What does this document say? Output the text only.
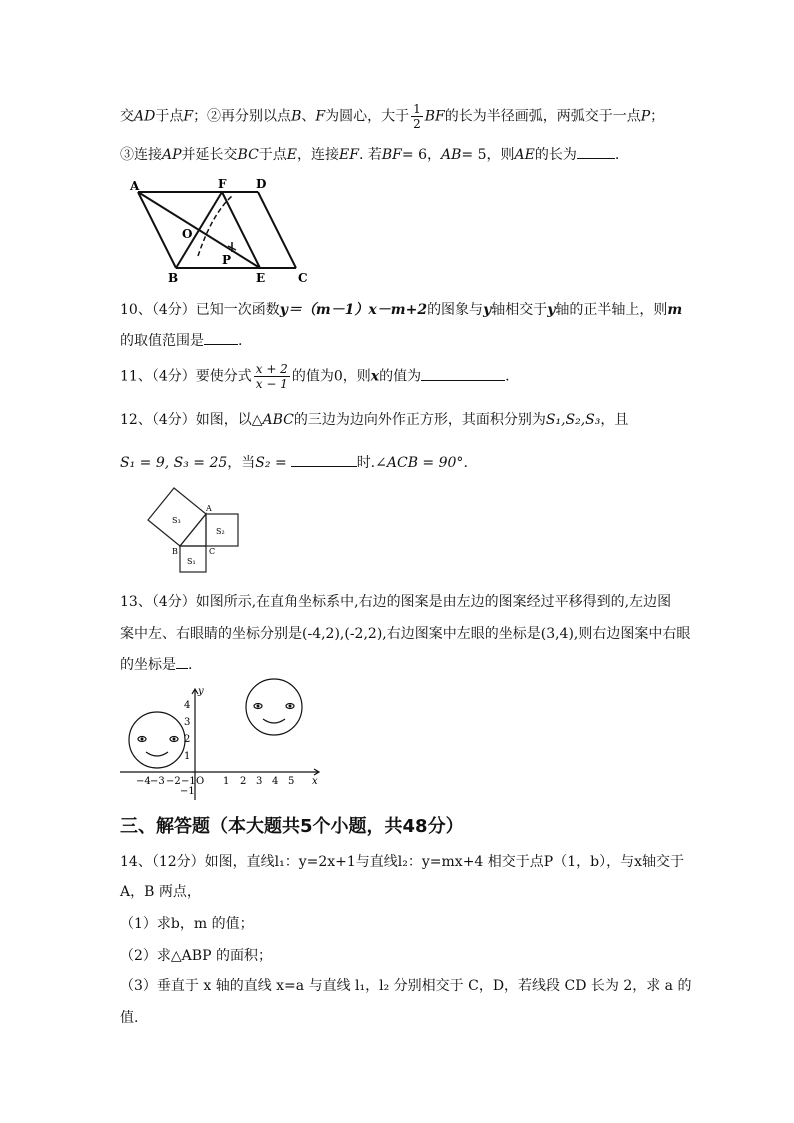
交AD于点F；②再分别以点B、F为圆心，大于 $\frac{1}{2}$ BF的长为半径画弧，两弧交于一点P；
③连接AP并延长交BC于点E，连接EF. 若BF= 6，AB= 5，则AE的长为	.
A	F D
O
B
P
E	C
10、（4分）已知一次函数y＝（m－1）x－m+2的图象与y轴相交于y轴的正半轴上，则m
的取值范围是 .
11、（4分）要使分式 $\frac{x + 2}{x - 1}$ 的值为0，则x的值为	.
12、（4分）如图，以△ABC的三边为边向外作正方形，其面积分别为S₁,S₂,S₃，且
S₁ = 9, S₃ = 25，当S₂ =	时.∠ACB = 90°.
S₃
S₂
S₁
A
B	C
13、（4分）如图所示,在直角坐标系中,右边的图案是由左边的图案经过平移得到的,左边图
案中左、右眼睛的坐标分别是(-4,2),(-2,2),右边图案中左眼的坐标是(3,4),则右边图案中右眼
的坐标是 .
y
x
O
−4 −3 −2 −1	1 2 3 4 5
4
3
2
1
−1
三、解答题（本大题共5个小题，共48分）
14、（12分）如图，直线l₁：y=2x+1与直线l₂：y=mx+4 相交于点P（1，b），与x轴交于
A，B 两点，
（1）求b，m 的值；
（2）求△ABP 的面积；
（3）垂直于 x 轴的直线 x=a 与直线 l₁，l₂ 分别相交于 C，D，若线段 CD 长为 2，求 a 的
值.
